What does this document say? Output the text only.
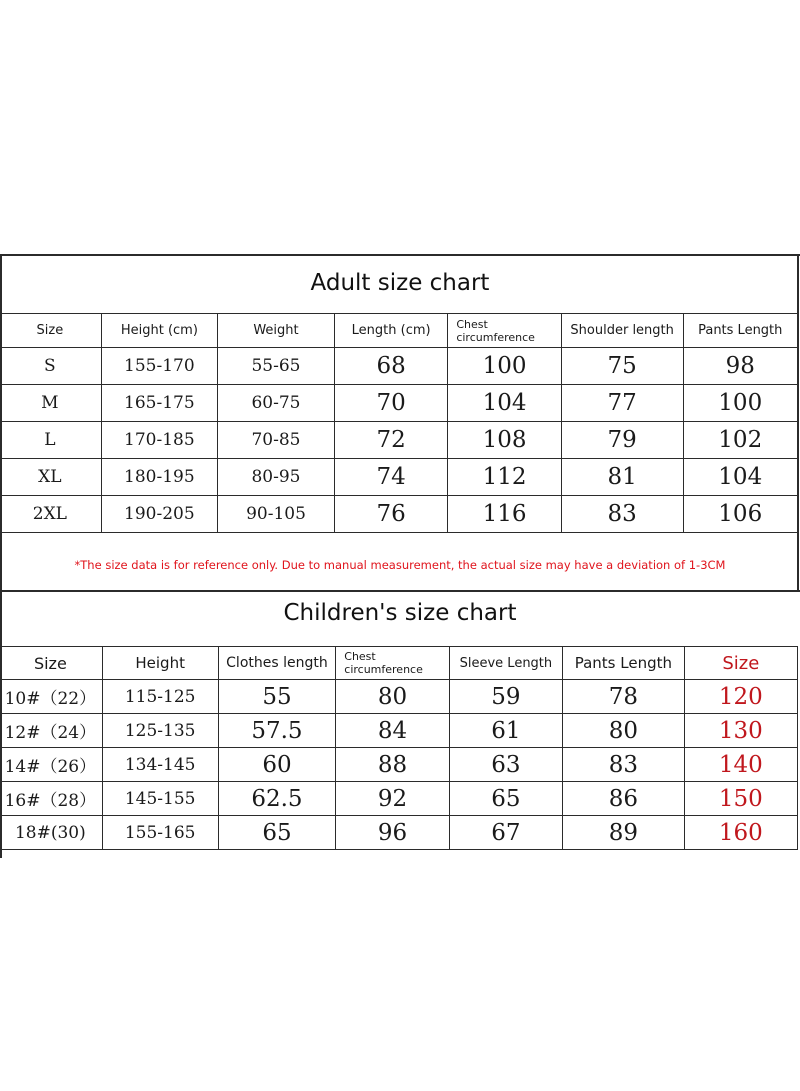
Adult size chart
Size	Height (cm)	Weight	Length (cm)	Chest circumference	Shoulder length	Pants Length
S	155-170	55-65	68	100	75	98
M	165-175	60-75	70	104	77	100
L	170-185	70-85	72	108	79	102
XL	180-195	80-95	74	112	81	104
2XL	190-205	90-105	76	116	83	106
*The size data is for reference only. Due to manual measurement, the actual size may have a deviation of 1-3CM
Children's size chart
Size	Height	Clothes length	Chest circumference	Sleeve Length	Pants Length	Size
10#（22）	115-125	55	80	59	78	120
12#（24）	125-135	57.5	84	61	80	130
14#（26）	134-145	60	88	63	83	140
16#（28）	145-155	62.5	92	65	86	150
18#(30)	155-165	65	96	67	89	160
